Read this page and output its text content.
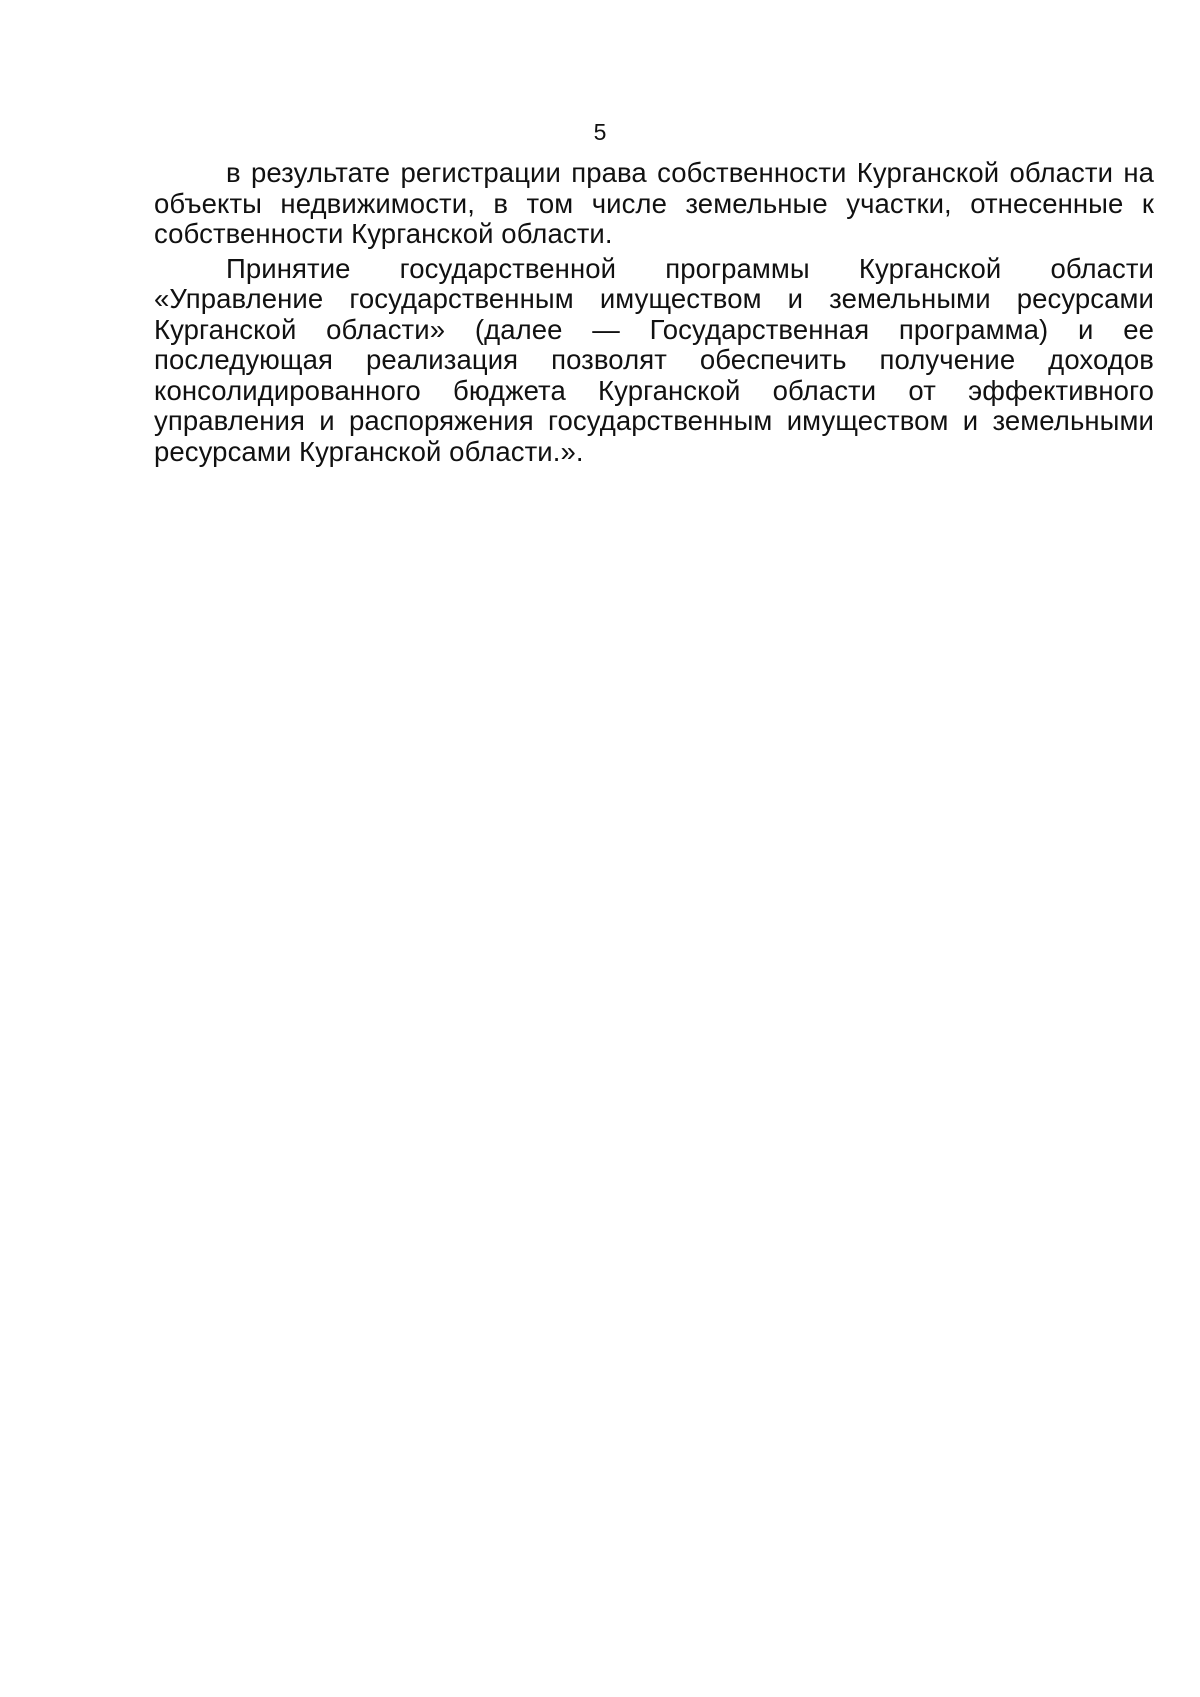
5

в результате регистрации права собственности Курганской области на объекты недвижимости, в том числе земельные участки, отнесенные к собственности Курганской области.

Принятие государственной программы Курганской области «Управление государственным имуществом и земельными ресурсами Курганской области» (далее — Государственная программа) и ее последующая реализация позволят обеспечить получение доходов консолидированного бюджета Курганской области от эффективного управления и распоряжения государственным имуществом и земельными ресурсами Курганской области.».
